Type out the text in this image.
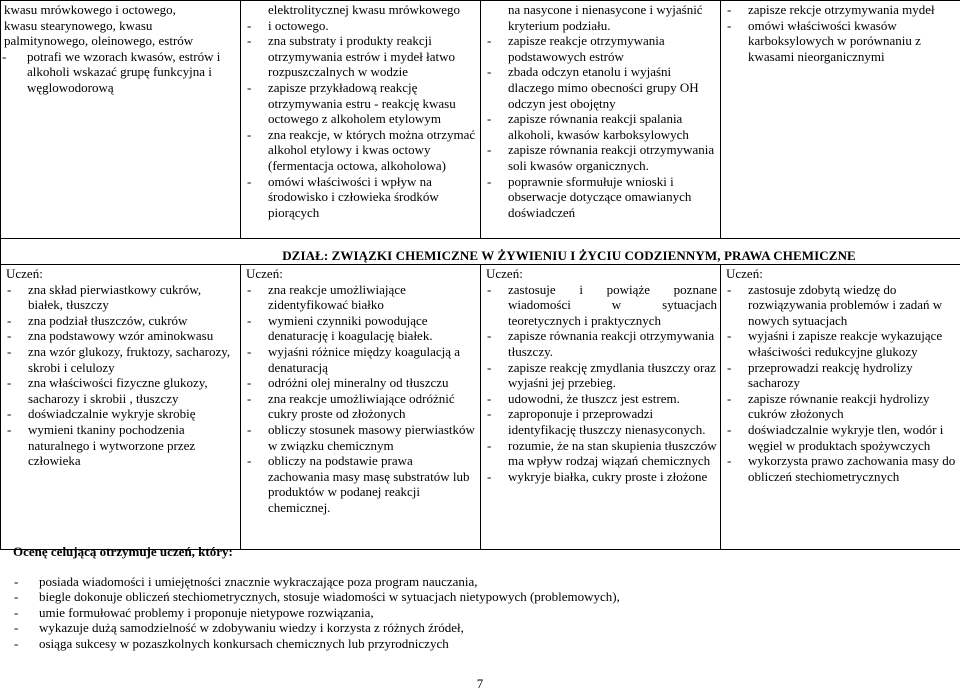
kwasu mrówkowego i octowego,
kwasu stearynowego, kwasu
palmitynowego, oleinowego, estrów
- potrafi we wzorach kwasów, estrów i alkoholi wskazać grupę funkcyjna i węglowodorową

elektrolitycznej kwasu mrówkowego
- i octowego.
- zna substraty i produkty reakcji otrzymywania estrów i mydeł łatwo rozpuszczalnych w wodzie
- zapisze przykładową reakcję otrzymywania estru - reakcję kwasu octowego z alkoholem etylowym
- zna reakcje, w których można otrzymać alkohol etylowy i kwas octowy (fermentacja octowa, alkoholowa)
- omówi właściwości i wpływ na środowisko i człowieka środków piorących

na nasycone i nienasycone i wyjaśnić
kryterium podziału.
- zapisze reakcje otrzymywania podstawowych estrów
- zbada odczyn etanolu i wyjaśni dlaczego mimo obecności grupy OH odczyn jest obojętny
- zapisze równania reakcji spalania alkoholi, kwasów karboksylowych
- zapisze równania reakcji otrzymywania soli kwasów organicznych.
- poprawnie sformułuje wnioski i obserwacje dotyczące omawianych doświadczeń

- zapisze rekcje otrzymywania mydeł
- omówi właściwości kwasów karboksylowych w porównaniu z kwasami nieorganicznymi
DZIAŁ: ZWIĄZKI CHEMICZNE W ŻYWIENIU I ŻYCIU CODZIENNYM, PRAWA CHEMICZNE

Uczeń:
- zna skład pierwiastkowy cukrów, białek, tłuszczy
- zna podział tłuszczów, cukrów
- zna podstawowy wzór aminokwasu
- zna wzór glukozy, fruktozy, sacharozy, skrobi i celulozy
- zna właściwości fizyczne glukozy, sacharozy i skrobii , tłuszczy
- doświadczalnie wykryje skrobię
- wymieni tkaniny pochodzenia naturalnego i wytworzone przez człowieka

Uczeń:
- zna reakcje umożliwiające zidentyfikować białko
- wymieni czynniki powodujące denaturację i koagulację białek.
- wyjaśni różnice między koagulacją a denaturacją
- odróżni olej mineralny od tłuszczu
- zna reakcje umożliwiające odróżnić cukry proste od złożonych
- obliczy stosunek masowy pierwiastków w związku chemicznym
- obliczy na podstawie prawa zachowania masy masę substratów lub produktów w podanej reakcji chemicznej.

Uczeń:
- zastosuje i powiąże poznane wiadomości w sytuacjach teoretycznych i praktycznych
- zapisze równania reakcji otrzymywania tłuszczy.
- zapisze reakcję zmydlania tłuszczy oraz wyjaśni jej przebieg.
- udowodni, że tłuszcz jest estrem.
- zaproponuje i przeprowadzi identyfikację tłuszczy nienasyconych.
- rozumie, że na stan skupienia tłuszczów ma wpływ rodzaj wiązań chemicznych
- wykryje białka, cukry proste i złożone

Uczeń:
- zastosuje zdobytą wiedzę do rozwiązywania problemów i zadań w nowych sytuacjach
- wyjaśni i zapisze reakcje wykazujące właściwości redukcyjne glukozy
- przeprowadzi reakcję hydrolizy sacharozy
- zapisze równanie reakcji hydrolizy cukrów złożonych
- doświadczalnie wykryje tlen, wodór i węgiel w produktach spożywczych
- wykorzysta prawo zachowania masy do obliczeń stechiometrycznych
Ocenę celującą otrzymuje uczeń, który:
- posiada wiadomości i umiejętności znacznie wykraczające poza program nauczania,
- biegle dokonuje obliczeń stechiometrycznych, stosuje wiadomości w sytuacjach nietypowych (problemowych),
- umie formułować problemy i proponuje nietypowe rozwiązania,
- wykazuje dużą samodzielność w zdobywaniu wiedzy i korzysta z różnych źródeł,
- osiąga sukcesy w pozaszkolnych konkursach chemicznych lub przyrodniczych
7
